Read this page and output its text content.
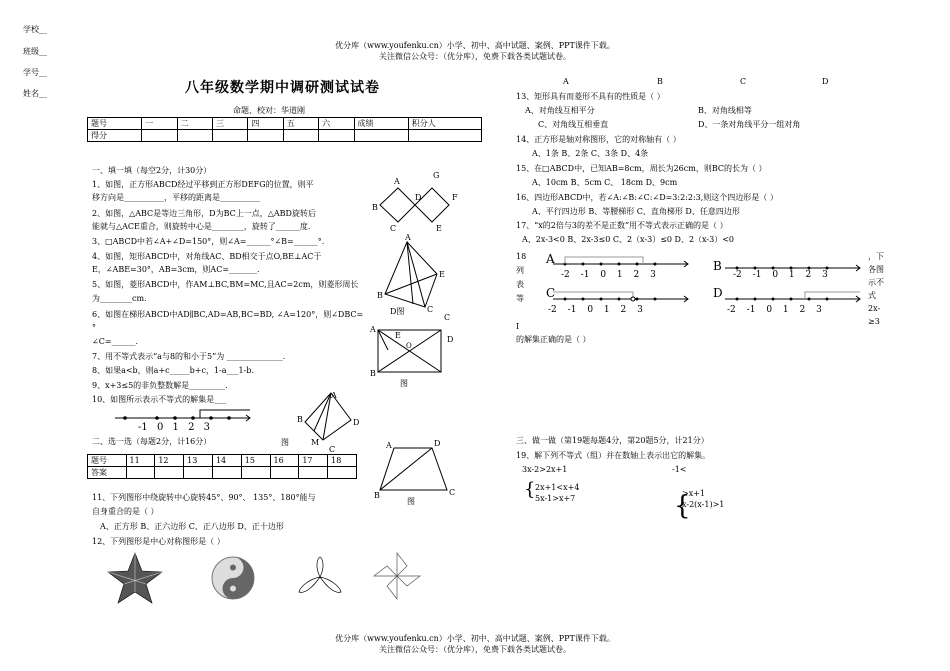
优分库（www.youfenku.cn）小学、初中、高中试题、案例、PPT课件下载。
关注微信公众号：（优分库），免费下载各类试题试卷。
学校__
班级__
学号__
姓名__	八年级数学期中调研测试试卷
命题、校对：华道刚
题号	一	二	三	四	五	六	成绩	积分人
得分								
一、填一填（每空2分，计30分）
1、如图，正方形ABCD经过平移到正方形DEFG的位置，则平
移方向是__________，平移的距离是__________
2、如图，△ABC是等边三角形，D为BC上一点，△ABD旋转后
能就与△ACE重合，则旋转中心是________，旋转了______度.
3、□ABCD中若∠A+∠D=150°，则∠A=______°∠B=______°.
4、如图，矩形ABCD中，对角线AC、BD相交于点O,BE⊥AC于
E，∠ABE=30°，AB=3cm，则AC=_______．
5、如图，菱形ABCD中，作AM⊥BC,BM=MC,且AC=2cm，则菱形周长
为________cm.
6、如图在梯形ABCD中AD∥BC,AD=AB,BC=BD, ∠A=120°，则∠DBC=
°
∠C=______.
7、用不等式表示“a与8的和小于5”为 ______________.
8、如果a<b，则a+c_____b+c，1-a___1-b.
9、x+3≤5的非负整数解是_________.
10、如图所示表示不等式的解集是___
-1 0 1 2 3
二、选一选（每题2分，计16分）
题号	11	12	13	14	15	16	17	18
答案								
11、下列图形中绕旋转中心旋转45°、90°、 135°、180°能与
自身重合的是（ ）
A、正方形 B、正六边形 C、正八边形 D、正十边形
12、下列图形是中心对称图形是（ ）
A	B	C	D
A
G
F
B
D
C	E
A
E
B
C
D图
A
E
O
B
D
C
图
A
B	D
M
C
图	A	D
B	C
图
13、矩形具有而菱形不具有的性质是（ ）
A、对角线互相平分	B、对角线相等
C、对角线互相垂直	D、一条对角线平分一组对角
14、正方形是轴对称图形，它的对称轴有（ ）
A、1条 B、2条 C、3条 D、4条
15、在□ABCD中，已知AB=8cm，周长为26cm，则BC的长为（ ）
A、10cm B、5cm C、 18cm D、9cm
16、四边形ABCD中，若∠A:∠B:∠C:∠D=3:2:2:3,则这个四边形是（ ）
A、平行四边形 B、等腰梯形 C、直角梯形 D、任意四边形
17、“x的2倍与3的差不是正数”用不等式表示正确的是（ ）
A、2x-3<0 B、2x-3≤0 C、2（x-3）≤0 D、2（x-3）<0
18
列
表
等
，下
各图
示不
式
2x-
≥3
I
的解集正确的是（ ）
A	B
C	D
-2 -1 0 1 2 3	-2 -1 0 1 2 3
-2 -1 0 1 2 3	-2 -1 0 1 2 3
三、做一做（第19题每题4分，第20题5分，计21分）
19、解下列不等式（组）并在数轴上表示出它的解集。
3x-2>2x+1	-1<
{ 2x+1<x+4
5x-1>x+7	{
>x+1
x-2(x-1)>1
优分库（www.youfenku.cn）小学、初中、高中试题、案例、PPT课件下载。
关注微信公众号：（优分库），免费下载各类试题试卷。
